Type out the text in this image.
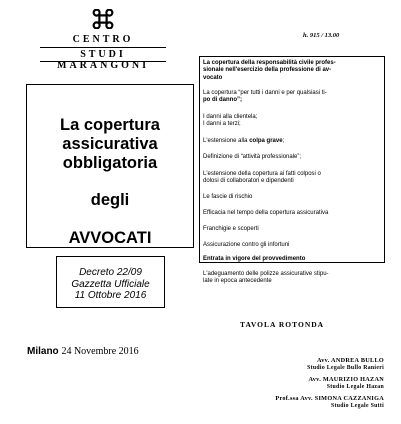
CENTRO
STUDI
MARANGONI
La copertura
assicurativa
obbligatoria
degli
AVVOCATI
Decreto 22/09
Gazzetta Ufficiale
11 Ottobre 2016
Milano 24 Novembre 2016
h. 915 / 13.00
La copertura della responsabilità civile profes-
sionale nell'esercizio della professione di av-
vocato
La copertura “per tutti i danni e per qualsiasi ti-
po di danno”;
I danni alla clientela;
I danni a terzi;
L'estensione alla colpa grave;
Definizione di “attività professionale”;
L'estensione della copertura ai fatti colposi o
dolosi di collaboratori e dipendenti
Le fascie di rischio
Efficacia nel tempo della copertura assicurativa
Franchigie e scoperti
Assicurazione contro gli infortuni
Entrata in vigore del provvedimento
L'adeguamento delle polizze assicurative stipu-
late in epoca antecedente
TAVOLA ROTONDA
Avv. ANDREA BULLO
Studio Legale Bullo Ranieri
Avv. MAURIZIO HAZAN
Studio Legale Hazan
Prof.ssa Avv. SIMONA CAZZANIGA
Studio Legale Sutti
